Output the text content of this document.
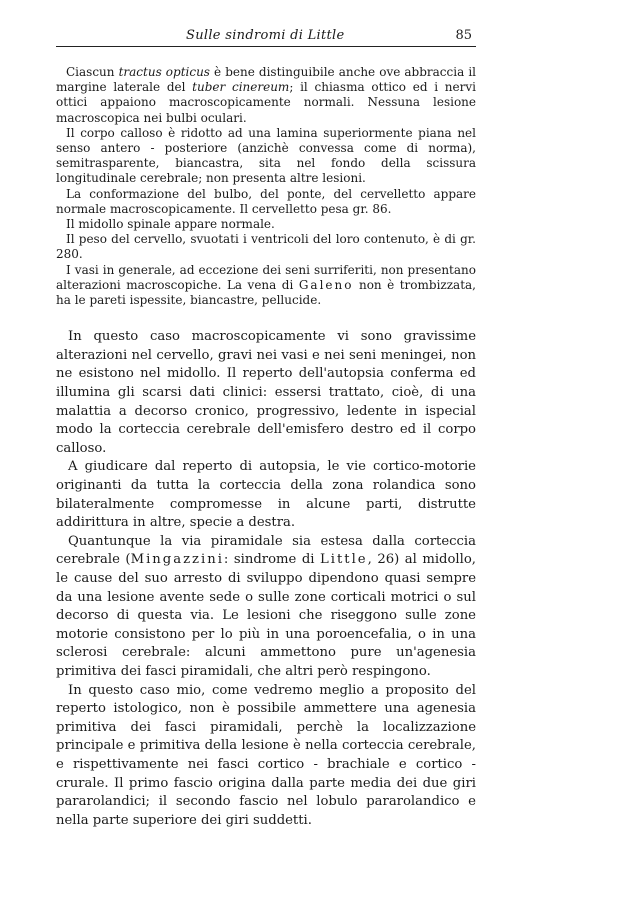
Sulle sindromi di Little	85

Ciascun tractus opticus è bene distinguibile anche ove abbraccia il margine laterale del tuber cinereum; il chiasma ottico ed i nervi ottici appaiono macroscopicamente normali. Nessuna lesione macroscopica nei bulbi oculari.

Il corpo calloso è ridotto ad una lamina superiormente piana nel senso antero - posteriore (anzichè convessa come di norma), semitrasparente, biancastra, sita nel fondo della scissura longitudinale cerebrale; non presenta altre lesioni.

La conformazione del bulbo, del ponte, del cervelletto appare normale macroscopicamente. Il cervelletto pesa gr. 86.

Il midollo spinale appare normale.

Il peso del cervello, svuotati i ventricoli del loro contenuto, è di gr. 280.

I vasi in generale, ad eccezione dei seni surriferiti, non presentano alterazioni macroscopiche. La vena di Galeno non è trombizzata, ha le pareti ispessite, biancastre, pellucide.

In questo caso macroscopicamente vi sono gravissime alterazioni nel cervello, gravi nei vasi e nei seni meningei, non ne esistono nel midollo. Il reperto dell'autopsia conferma ed illumina gli scarsi dati clinici: essersi trattato, cioè, di una malattia a decorso cronico, progressivo, ledente in ispecial modo la corteccia cerebrale dell'emisfero destro ed il corpo calloso.

A giudicare dal reperto di autopsia, le vie cortico-motorie originanti da tutta la corteccia della zona rolandica sono bilateralmente compromesse in alcune parti, distrutte addirittura in altre, specie a destra.

Quantunque la via piramidale sia estesa dalla corteccia cerebrale (Mingazzini: sindrome di Little, 26) al midollo, le cause del suo arresto di sviluppo dipendono quasi sempre da una lesione avente sede o sulle zone corticali motrici o sul decorso di questa via. Le lesioni che riseggono sulle zone motorie consistono per lo più in una poroencefalia, o in una sclerosi cerebrale: alcuni ammettono pure un'agenesia primitiva dei fasci piramidali, che altri però respingono.

In questo caso mio, come vedremo meglio a proposito del reperto istologico, non è possibile ammettere una agenesia primitiva dei fasci piramidali, perchè la localizzazione principale e primitiva della lesione è nella corteccia cerebrale, e rispettivamente nei fasci cortico - brachiale e cortico - crurale. Il primo fascio origina dalla parte media dei due giri pararolandici; il secondo fascio nel lobulo pararolandico e nella parte superiore dei giri suddetti.
